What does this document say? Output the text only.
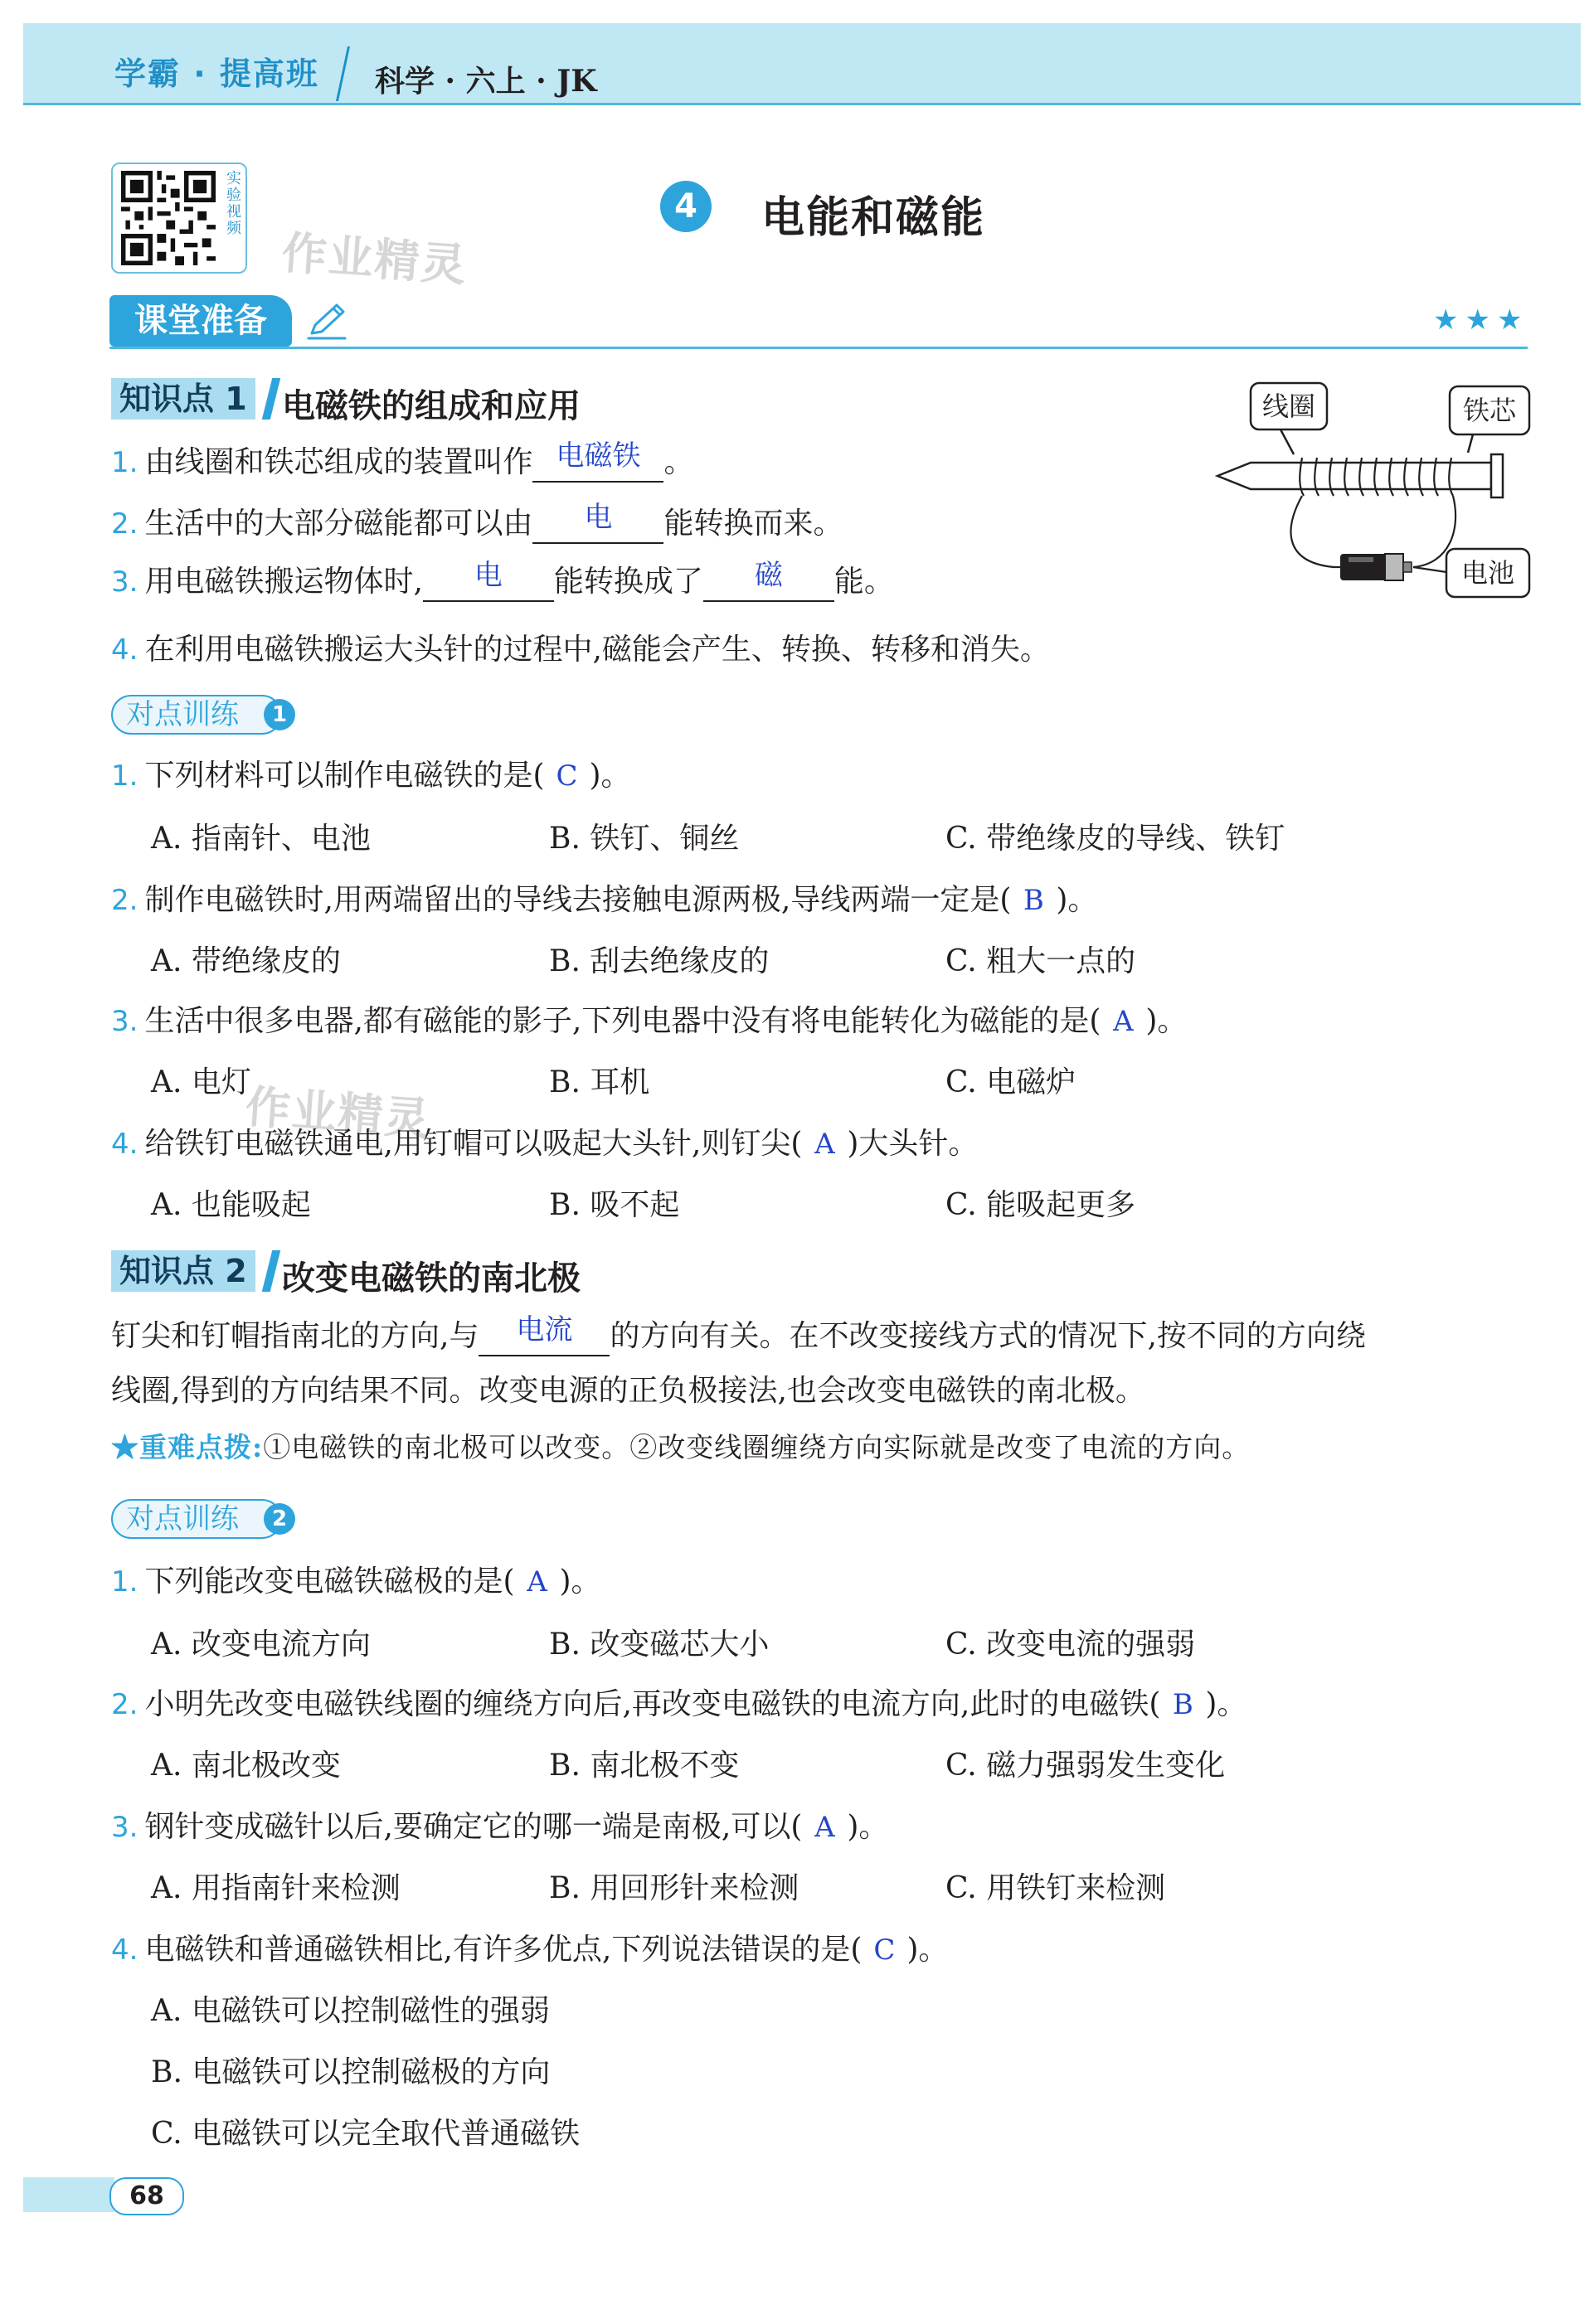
学霸 · 提高班 科学 · 六上 · JK
实验视频 作业精灵
作业精灵
4	电能和磁能
课堂准备	★★★
知识点 1 电磁铁的组成和应用
1. 由线圈和铁芯组成的装置叫作 电磁铁 。
2. 生活中的大部分磁能都可以由 电 能转换而来。
3. 用电磁铁搬运物体时, 电 能转换成了 磁 能。
4. 在利用电磁铁搬运大头针的过程中,磁能会产生、转换、转移和消失。
线圈	铁芯
电池
对点训练	1
1. 下列材料可以制作电磁铁的是( C )。
A. 指南针、电池	B. 铁钉、铜丝	C. 带绝缘皮的导线、铁钉
2. 制作电磁铁时,用两端留出的导线去接触电源两极,导线两端一定是( B )。
A. 带绝缘皮的	B. 刮去绝缘皮的	C. 粗大一点的
3. 生活中很多电器,都有磁能的影子,下列电器中没有将电能转化为磁能的是( A )。
A. 电灯	B. 耳机	C. 电磁炉
4. 给铁钉电磁铁通电,用钉帽可以吸起大头针,则钉尖( A )大头针。
A. 也能吸起	B. 吸不起	C. 能吸起更多
知识点 2 改变电磁铁的南北极
钉尖和钉帽指南北的方向,与 电流 的方向有关。在不改变接线方式的情况下,按不同的方向绕
线圈,得到的方向结果不同。改变电源的正负极接法,也会改变电磁铁的南北极。
★重难点拨:①电磁铁的南北极可以改变。②改变线圈缠绕方向实际就是改变了电流的方向。
对点训练	2
1. 下列能改变电磁铁磁极的是( A )。
A. 改变电流方向	B. 改变磁芯大小	C. 改变电流的强弱
2. 小明先改变电磁铁线圈的缠绕方向后,再改变电磁铁的电流方向,此时的电磁铁( B )。
A. 南北极改变	B. 南北极不变	C. 磁力强弱发生变化
3. 钢针变成磁针以后,要确定它的哪一端是南极,可以( A )。
A. 用指南针来检测	B. 用回形针来检测	C. 用铁钉来检测
4. 电磁铁和普通磁铁相比,有许多优点,下列说法错误的是( C )。
A. 电磁铁可以控制磁性的强弱
B. 电磁铁可以控制磁极的方向
C. 电磁铁可以完全取代普通磁铁
68
